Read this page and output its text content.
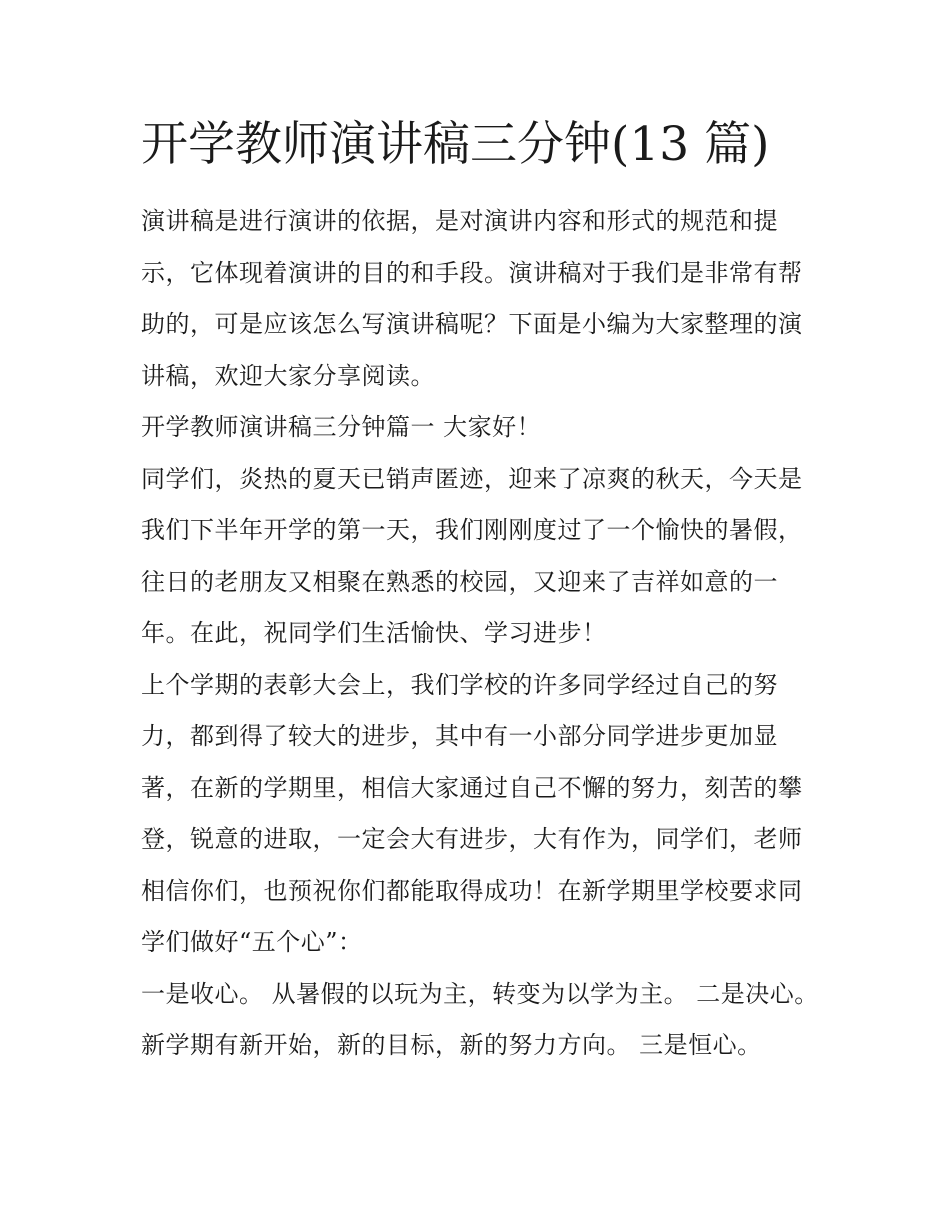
开学教师演讲稿三分钟(13 篇)

演讲稿是进行演讲的依据，是对演讲内容和形式的规范和提示，它体现着演讲的目的和手段。演讲稿对于我们是非常有帮助的，可是应该怎么写演讲稿呢？下面是小编为大家整理的演讲稿，欢迎大家分享阅读。

开学教师演讲稿三分钟篇一 大家好！

同学们，炎热的夏天已销声匿迹，迎来了凉爽的秋天，今天是我们下半年开学的第一天，我们刚刚度过了一个愉快的暑假，往日的老朋友又相聚在熟悉的校园，又迎来了吉祥如意的一年。在此，祝同学们生活愉快、学习进步！

上个学期的表彰大会上，我们学校的许多同学经过自己的努力，都到得了较大的进步，其中有一小部分同学进步更加显著，在新的学期里，相信大家通过自己不懈的努力，刻苦的攀登，锐意的进取，一定会大有进步，大有作为，同学们，老师相信你们，也预祝你们都能取得成功！在新学期里学校要求同学们做好“五个心”：

一是收心。 从暑假的以玩为主，转变为以学为主。 二是决心。 新学期有新开始，新的目标，新的努力方向。 三是恒心。
